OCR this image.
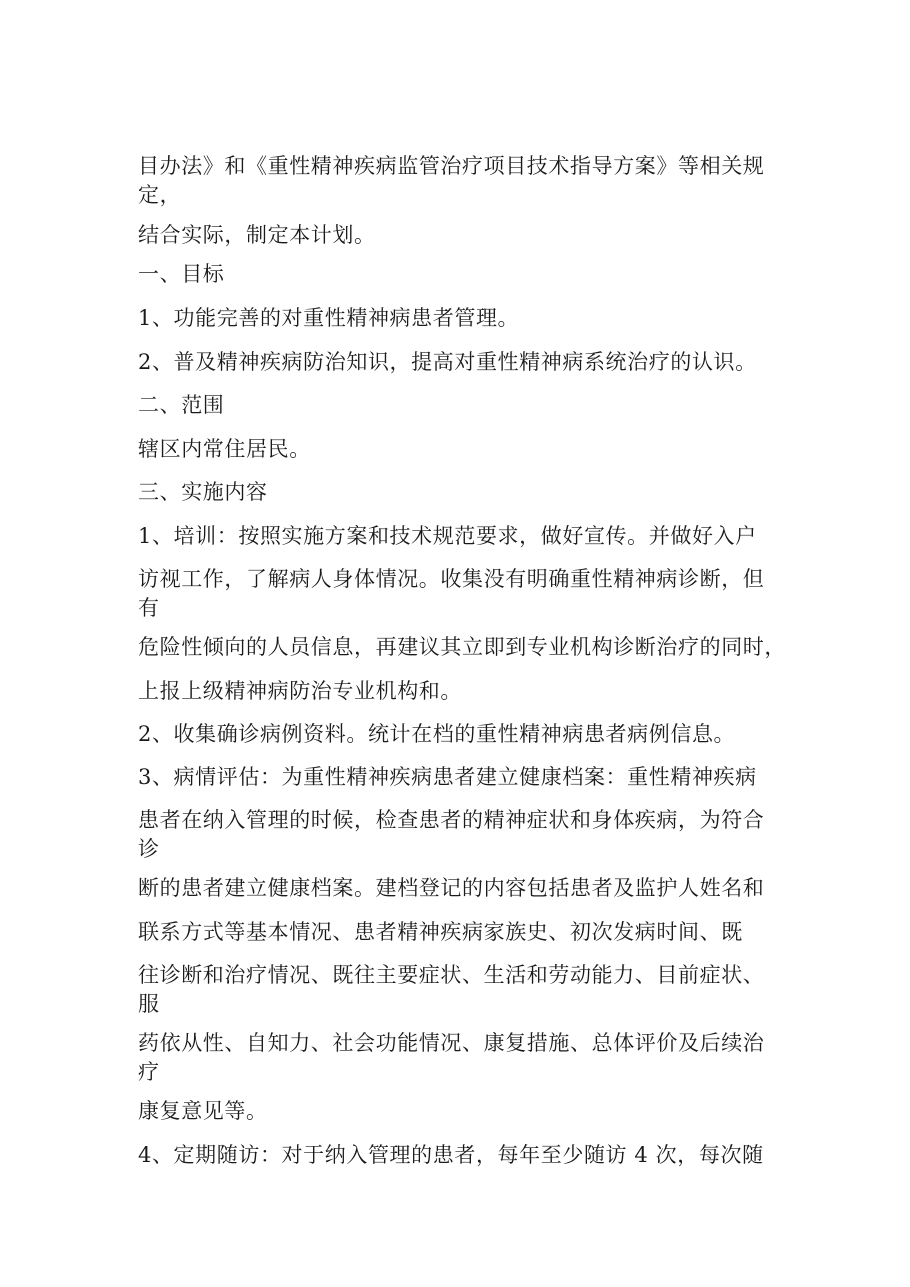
目办法》和《重性精神疾病监管治疗项目技术指导方案》等相关规
定，
结合实际，制定本计划。
一、目标
1、功能完善的对重性精神病患者管理。
2、普及精神疾病防治知识，提高对重性精神病系统治疗的认识。
二、范围
辖区内常住居民。
三、实施内容
1、培训：按照实施方案和技术规范要求，做好宣传。并做好入户
访视工作，了解病人身体情况。收集没有明确重性精神病诊断，但
有
危险性倾向的人员信息，再建议其立即到专业机构诊断治疗的同时，
上报上级精神病防治专业机构和。
2、收集确诊病例资料。统计在档的重性精神病患者病例信息。
3、病情评估：为重性精神疾病患者建立健康档案：重性精神疾病
患者在纳入管理的时候，检查患者的精神症状和身体疾病，为符合
诊
断的患者建立健康档案。建档登记的内容包括患者及监护人姓名和
联系方式等基本情况、患者精神疾病家族史、初次发病时间、既
往诊断和治疗情况、既往主要症状、生活和劳动能力、目前症状、
服
药依从性、自知力、社会功能情况、康复措施、总体评价及后续治
疗
康复意见等。
4、定期随访：对于纳入管理的患者，每年至少随访 4 次，每次随
